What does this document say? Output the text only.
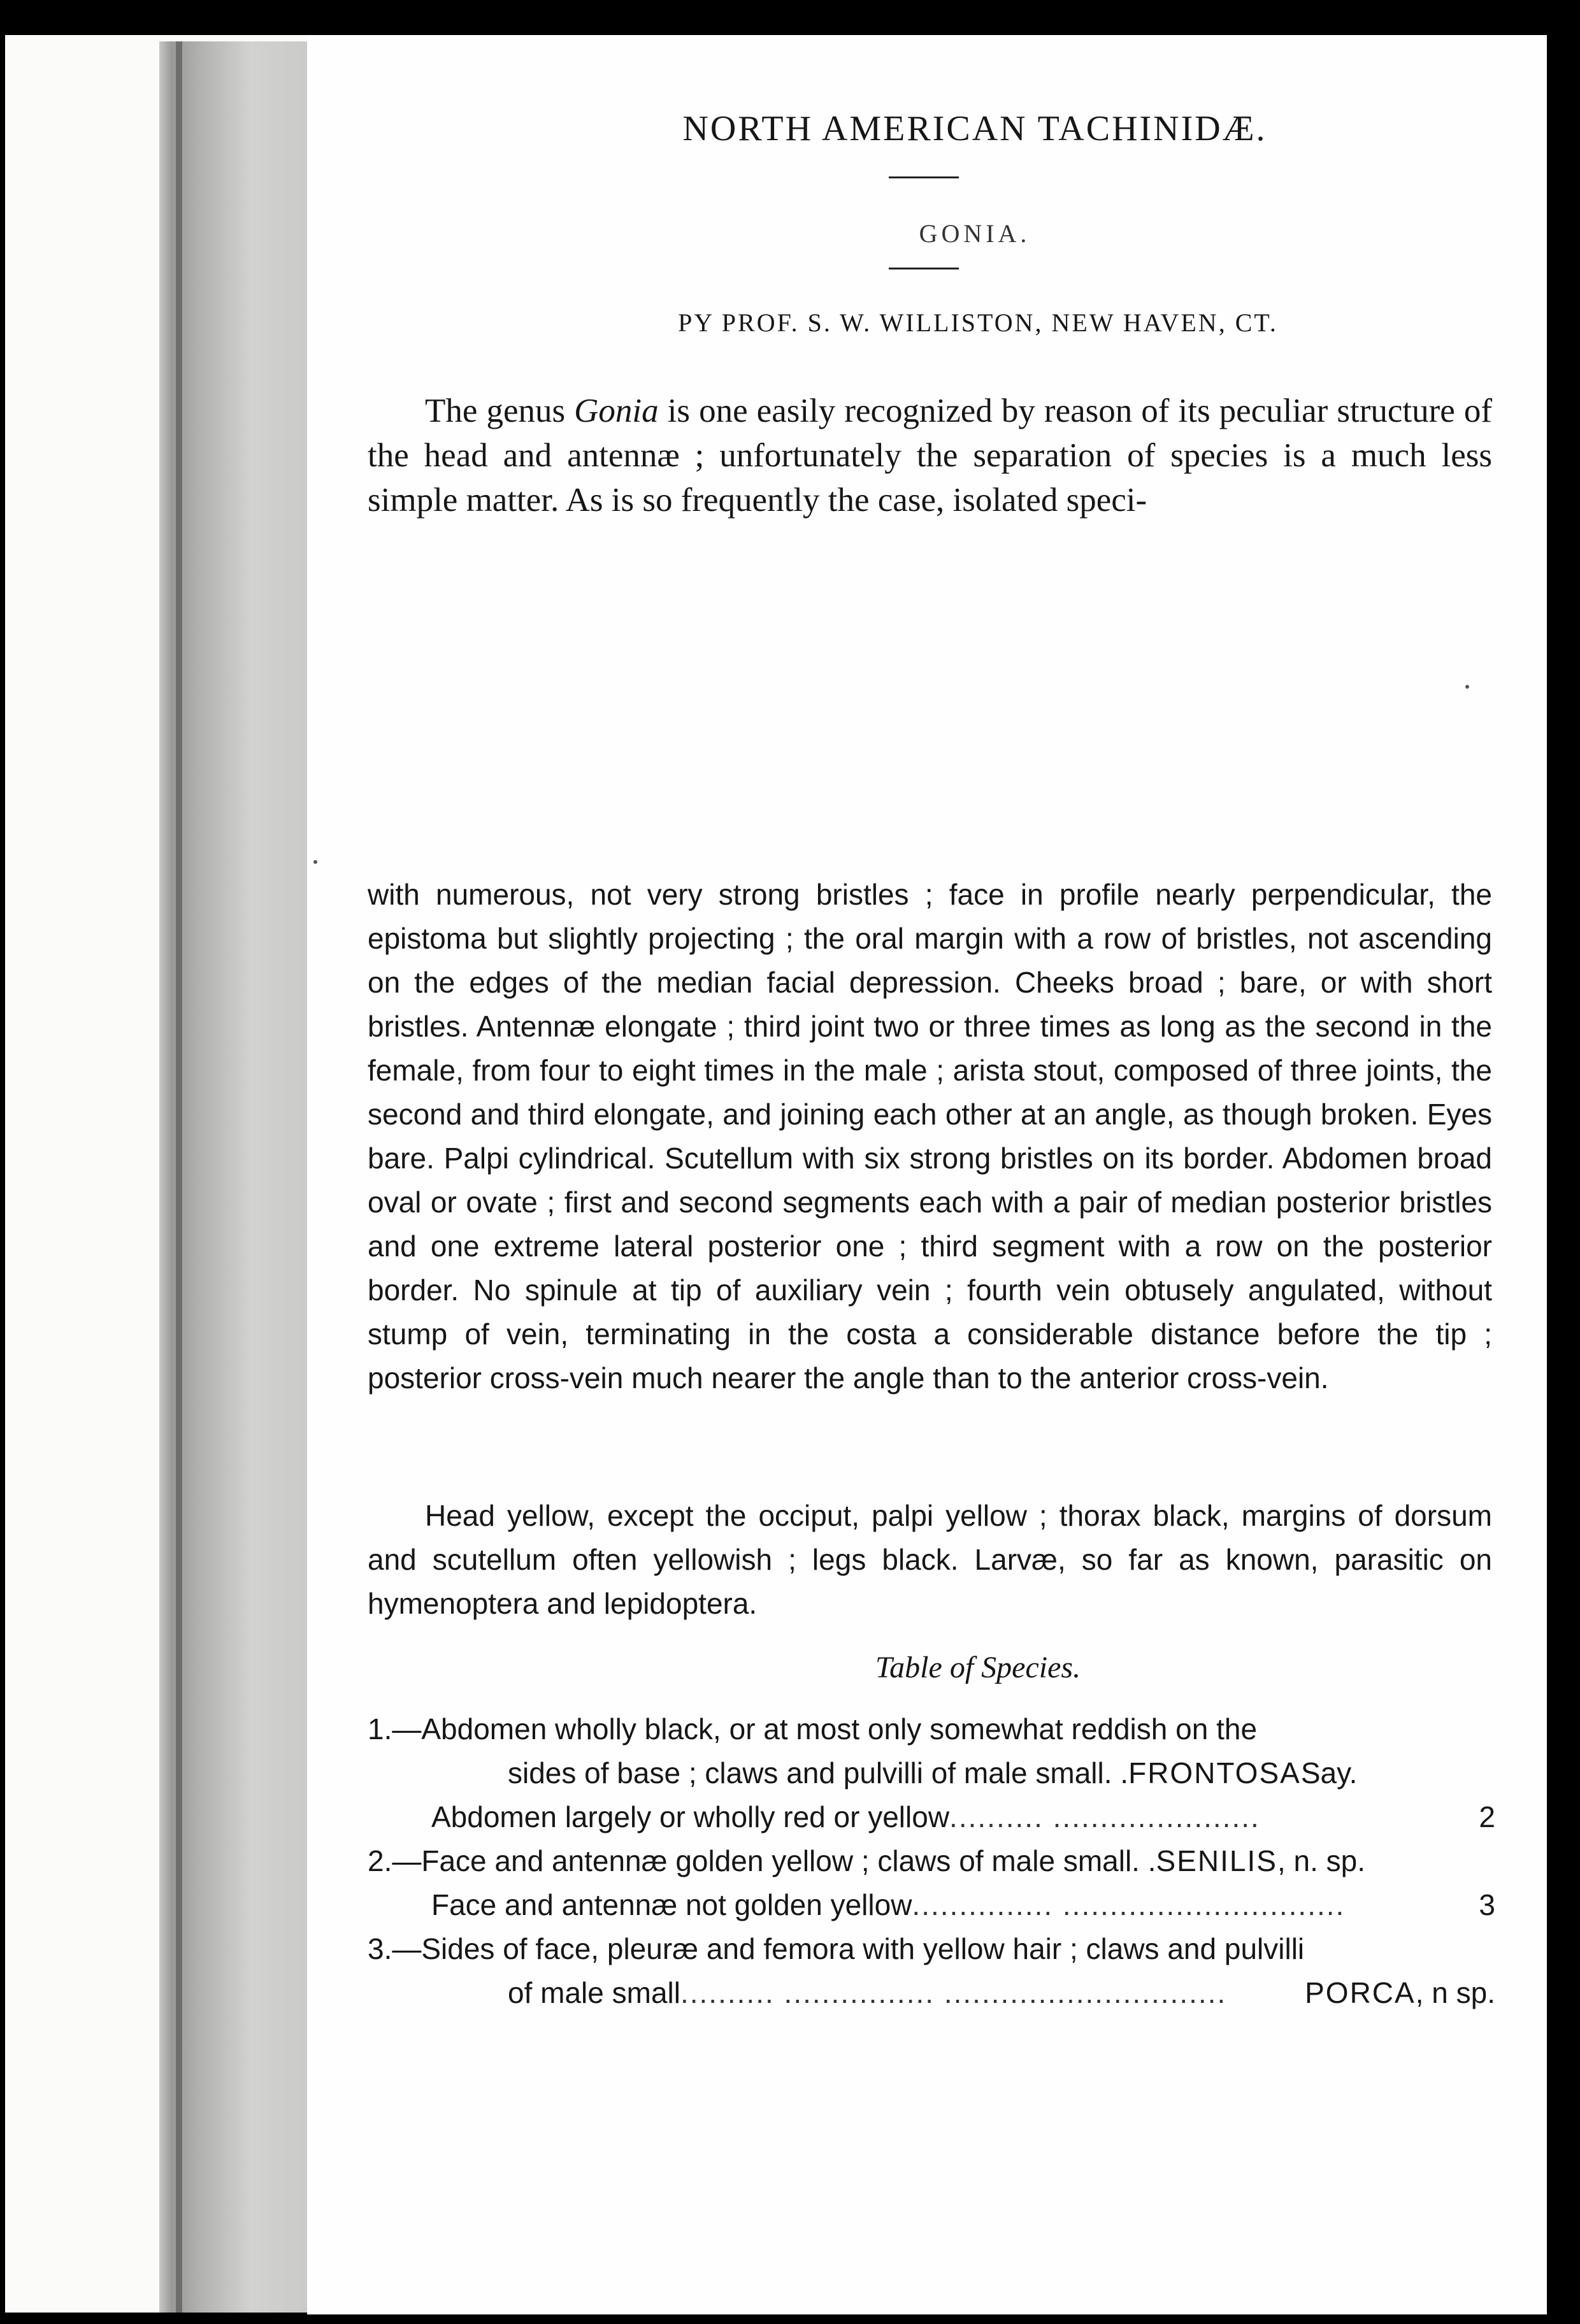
NORTH AMERICAN TACHINIDÆ.
GONIA.
PY PROF. S. W. WILLISTON, NEW HAVEN, CT.

The genus Gonia is one easily recognized by reason of its peculiar structure of the head and antennæ ; unfortunately the separation of species is a much less simple matter. As is so frequently the case, isolated speci-

with numerous, not very strong bristles ; face in profile nearly perpendicular, the epistoma but slightly projecting ; the oral margin with a row of bristles, not ascending on the edges of the median facial depression. Cheeks broad ; bare, or with short bristles. Antennæ elongate ; third joint two or three times as long as the second in the female, from four to eight times in the male ; arista stout, composed of three joints, the second and third elongate, and joining each other at an angle, as though broken. Eyes bare. Palpi cylindrical. Scutellum with six strong bristles on its border. Abdomen broad oval or ovate ; first and second segments each with a pair of median posterior bristles and one extreme lateral posterior one ; third segment with a row on the posterior border. No spinule at tip of auxiliary vein ; fourth vein obtusely angulated, without stump of vein, terminating in the costa a considerable distance before the tip ; posterior cross-vein much nearer the angle than to the anterior cross-vein.

Head yellow, except the occiput, palpi yellow ; thorax black, margins of dorsum and scutellum often yellowish ; legs black. Larvæ, so far as known, parasitic on hymenoptera and lepidoptera.

Table of Species.
1.—Abdomen wholly black, or at most only somewhat reddish on the
sides of base ; claws and pulvilli of male small. . FRONTOSA Say.
Abdomen largely or wholly red or yellow .......... ......................	2
2.—Face and antennæ golden yellow ; claws of male small. . SENILIS , n. sp.
Face and antennæ not golden yellow ............... ..............................	3
3.—Sides of face, pleuræ and femora with yellow hair ; claws and pulvilli
of male small .......... ................ ..............................	PORCA , n sp.
